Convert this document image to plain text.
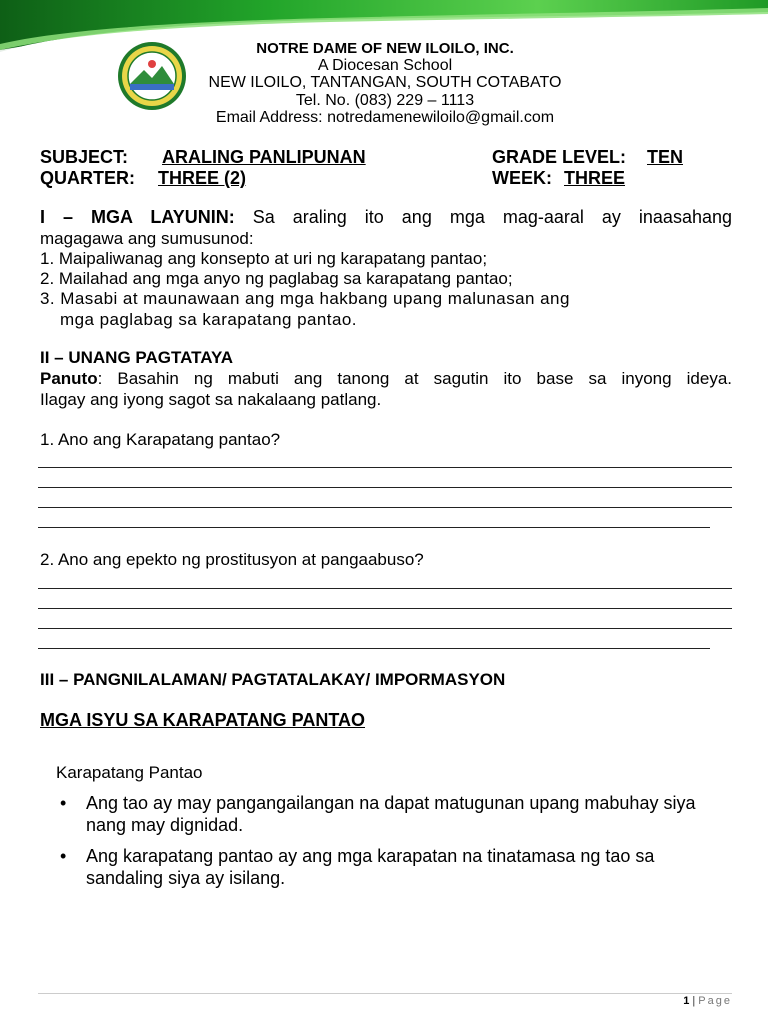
NOTRE DAME OF NEW ILOILO, INC.
A Diocesan School
NEW ILOILO, TANTANGAN, SOUTH COTABATO
Tel. No. (083) 229 – 1113
Email Address: notredamenewiloilo@gmail.com
SUBJECT: ARALING PANLIPUNAN	GRADE LEVEL: TEN
QUARTER: THREE (2)	WEEK: THREE
I – MGA LAYUNIN: Sa araling ito ang mga mag-aaral ay inaasahang
magagawa ang sumusunod:
1. Maipaliwanag ang konsepto at uri ng karapatang pantao;
2. Mailahad ang mga anyo ng paglabag sa karapatang pantao;
3. Masabi at maunawaan ang mga hakbang upang malunasan ang
mga paglabag sa karapatang pantao.
II – UNANG PAGTATAYA
Panuto: Basahin ng mabuti ang tanong at sagutin ito base sa inyong ideya.
Ilagay ang iyong sagot sa nakalaang patlang.
1. Ano ang Karapatang pantao?
2. Ano ang epekto ng prostitusyon at pangaabuso?
III – PANGNILALAMAN/ PAGTATALAKAY/ IMPORMASYON
MGA ISYU SA KARAPATANG PANTAO
Karapatang Pantao
• Ang tao ay may pangangailangan na dapat matugunan upang mabuhay siya nang may dignidad.
• Ang karapatang pantao ay ang mga karapatan na tinatamasa ng tao sa sandaling siya ay isilang.
1 | Page
